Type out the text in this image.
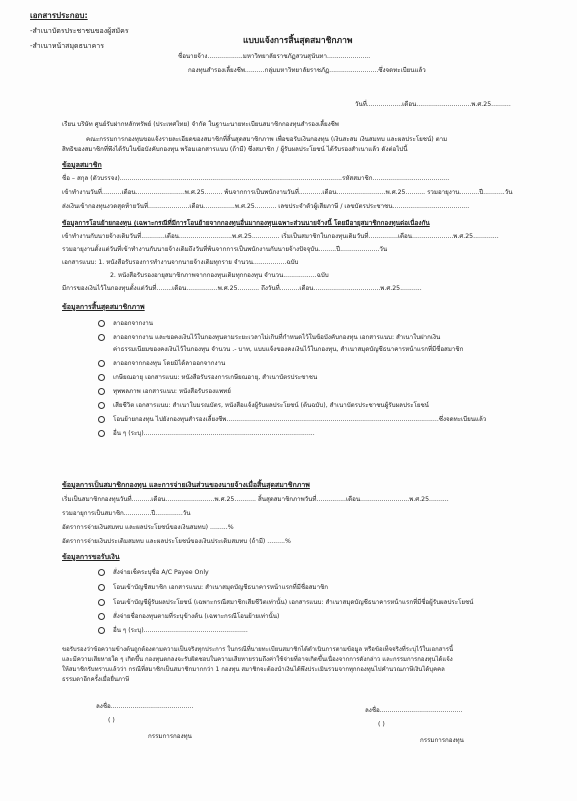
เอกสารประกอบ:
-สำเนาบัตรประชาชนของผู้สมัคร
-สำเนาหน้าสมุดธนาคาร	แบบแจ้งการสิ้นสุดสมาชิกภาพ
ชื่อนายจ้าง..................มหาวิทยาลัยราชภัฏสวนสุนันทา......................
กองทุนสำรองเลี้ยงชีพ..........กลุ่มมหาวิทยาลัยราชภัฏ.........................ซึ่งจดทะเบียนแล้ว
วันที่..................เดือน............................พ.ศ.25..........
เรียน บริษัท ศูนย์รับฝากหลักทรัพย์ (ประเทศไทย) จำกัด ในฐานะนายทะเบียนสมาชิกกองทุนสำรองเลี้ยงชีพ
คณะกรรมการกองทุนขอแจ้งรายละเอียดของสมาชิกที่สิ้นสุดสมาชิกภาพ เพื่อขอรับเงินกองทุน (เงินสะสม เงินสมทบ และผลประโยชน์) ตาม
สิทธิของสมาชิกที่พึงได้รับในข้อบังคับกองทุน พร้อมเอกสารแนบ (ถ้ามี) ซึ่งสมาชิก / ผู้รับผลประโยชน์ ได้รับรองสำเนาแล้ว ดังต่อไปนี้
ข้อมูลสมาชิก
ชื่อ – สกุล (ตัวบรรจง).................................................................................................................รหัสสมาชิก.......................................
เข้าทำงานวันที่..........เดือน.........................พ.ศ.25......... พ้นจากการเป็นพนักงานวันที่............เดือน.........................พ.ศ.25.......... รวมอายุงาน..........ปี...........วัน
ส่งเงินเข้ากองทุนงวดสุดท้ายวันที่.....................เดือน................พ.ศ.25........... เลขประจำตัวผู้เสียภาษี / เลขบัตรประชาชน.......................................
ข้อมูลการโอนย้ายกองทุน (เฉพาะกรณีที่มีการโอนย้ายจากกองทุนอื่นมากองทุนเฉพาะส่วนนายจ้างนี้ โดยมีอายุสมาชิกกองทุนต่อเนื่องกัน
เข้าทำงานกับนายจ้างเดิมวันที่............เดือน...........................พ.ศ.25.............. เริ่มเป็นสมาชิกในกองทุนเดิมวันที่...............เดือน.....................พ.ศ.25.............
รวมอายุงานตั้งแต่วันที่เข้าทำงานกับนายจ้างเดิมถึงวันที่พ้นจากการเป็นพนักงานกับนายจ้างปัจจุบัน.........ปี....................วัน
เอกสารแนบ: 1. หนังสือรับรองการทำงานจากนายจ้างเดิมทุกราย จำนวน.................ฉบับ
2. หนังสือรับรองอายุสมาชิกภาพจากกองทุนเดิมทุกกองทุน จำนวน.................ฉบับ
มีการของเงินไว้ในกองทุนตั้งแต่วันที่........เดือน................พ.ศ.25........... ถึงวันที่..........เดือน..................................พ.ศ.25...........
ข้อมูลการสิ้นสุดสมาชิกภาพ
ลาออกจากงาน
ลาออกจากงาน และขอคงเงินไว้ในกองทุนตามระยะเวลาไม่เกินที่กำหนดไว้ในข้อบังคับกองทุน เอกสารแนบ: สำเนาใบฝากเงิน
ค่าธรรมเนียมของคงเงินไว้ในกองทุน จำนวน .- บาท, แบบแจ้งของคงเงินไว้ในกองทุน, สำเนาสมุดบัญชีธนาคารหน้าแรกที่มีชื่อสมาชิก
ลาออกจากกองทุน โดยมิได้ลาออกจากงาน
เกษียณอายุ เอกสารแนบ: หนังสือรับรองการเกษียณอายุ, สำเนาบัตรประชาชน
ทุพพลภาพ เอกสารแนบ: หนังสือรับรองแพทย์
เสียชีวิต เอกสารแนบ: สำเนาใบมรณบัตร, หนังสือแจ้งผู้รับผลประโยชน์ (ต้นฉบับ), สำเนาบัตรประชาชนผู้รับผลประโยชน์
โอนย้ายกองทุน ไปยังกองทุนสำรองเลี้ยงชีพ............................................................................................................ซึ่งจดทะเบียนแล้ว
อื่น ๆ (ระบุ).......................................................................................
ข้อมูลการเป็นสมาชิกกองทุน และการจ่ายเงินส่วนของนายจ้างเมื่อสิ้นสุดสมาชิกภาพ
เริ่มเป็นสมาชิกกองทุนวันที่..........เดือน.........................พ.ศ.25........... สิ้นสุดสมาชิกภาพวันที่...............เดือน.........................พ.ศ.25..........
รวมอายุการเป็นสมาชิก..............ปี..............วัน
อัตราการจ่ายเงินสมทบ และผลประโยชน์ของเงินสมทบ) .........%
อัตราการจ่ายเงินประเดิมสมทบ และผลประโยชน์ของเงินประเดิมสมทบ (ถ้ามี) .........%
ข้อมูลการขอรับเงิน
สั่งจ่ายเช็คระบุชื่อ A/C Payee Only
โอนเข้าบัญชีสมาชิก เอกสารแนบ: สำเนาสมุดบัญชีธนาคารหน้าแรกที่มีชื่อสมาชิก
โอนเข้าบัญชีผู้รับผลประโยชน์ (เฉพาะกรณีสมาชิกเสียชีวิตเท่านั้น) เอกสารแนบ: สำเนาสมุดบัญชีธนาคารหน้าแรกที่มีชื่อผู้รับผลประโยชน์
สั่งจ่ายชื่อกองทุนตามที่ระบุข้างต้น (เฉพาะกรณีโอนย้ายเท่านั้น)
อื่น ๆ (ระบุ).....................................................
ขอรับรองว่าข้อความข้างต้นถูกต้องตามความเป็นจริงทุกประการ ในกรณีที่นายทะเบียนสมาชิกได้ดำเนินการตามข้อมูล หรือข้อเท็จจริงที่ระบุไว้ในเอกสารนี้
และมีความเสียหายใด ๆ เกิดขึ้น กองทุนตกลงจะรับผิดชอบในความเสียหายรวมถึงค่าใช้จ่ายที่อาจเกิดขึ้นเนื่องจากการดังกล่าว และกรรมการกองทุนได้แจ้ง
ให้สมาชิกรับทราบแล้วว่า กรณีที่สมาชิกเป็นสมาชิกมากกว่า 1 กองทุน สมาชิกจะต้องนำเงินได้พึงประเมินรวมจากทุกกองทุนไปคำนวณภาษีเงินได้บุคคล
ธรรมดาอีกครั้งเมื่อยื่นภาษี
ลงชื่อ..........................................
( )
กรรมการกองทุน
ลงชื่อ..........................................
( )
กรรมการกองทุน
